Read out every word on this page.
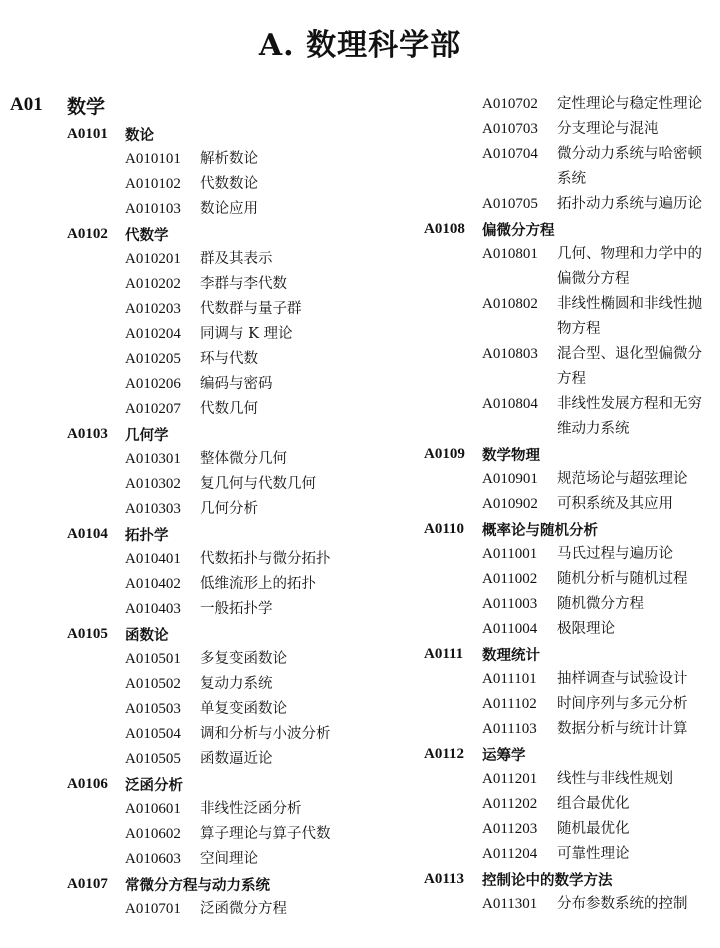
A. 数理科学部
A01	数学
A0101	数论
A010101	解析数论
A010102	代数数论
A010103	数论应用
A0102	代数学
A010201	群及其表示
A010202	李群与李代数
A010203	代数群与量子群
A010204	同调与 K 理论
A010205	环与代数
A010206	编码与密码
A010207	代数几何
A0103	几何学
A010301	整体微分几何
A010302	复几何与代数几何
A010303	几何分析
A0104	拓扑学
A010401	代数拓扑与微分拓扑
A010402	低维流形上的拓扑
A010403	一般拓扑学
A0105	函数论
A010501	多复变函数论
A010502	复动力系统
A010503	单复变函数论
A010504	调和分析与小波分析
A010505	函数逼近论
A0106	泛函分析
A010601	非线性泛函分析
A010602	算子理论与算子代数
A010603	空间理论
A0107	常微分方程与动力系统
A010701	泛函微分方程
A010702	定性理论与稳定性理论
A010703	分支理论与混沌
A010704	微分动力系统与哈密顿系统
A010705	拓扑动力系统与遍历论
A0108	偏微分方程
A010801	几何、物理和力学中的偏微分方程
A010802	非线性椭圆和非线性抛物方程
A010803	混合型、退化型偏微分方程
A010804	非线性发展方程和无穷维动力系统
A0109	数学物理
A010901	规范场论与超弦理论
A010902	可积系统及其应用
A0110	概率论与随机分析
A011001	马氏过程与遍历论
A011002	随机分析与随机过程
A011003	随机微分方程
A011004	极限理论
A0111	数理统计
A011101	抽样调查与试验设计
A011102	时间序列与多元分析
A011103	数据分析与统计计算
A0112	运筹学
A011201	线性与非线性规划
A011202	组合最优化
A011203	随机最优化
A011204	可靠性理论
A0113	控制论中的数学方法
A011301	分布参数系统的控制
